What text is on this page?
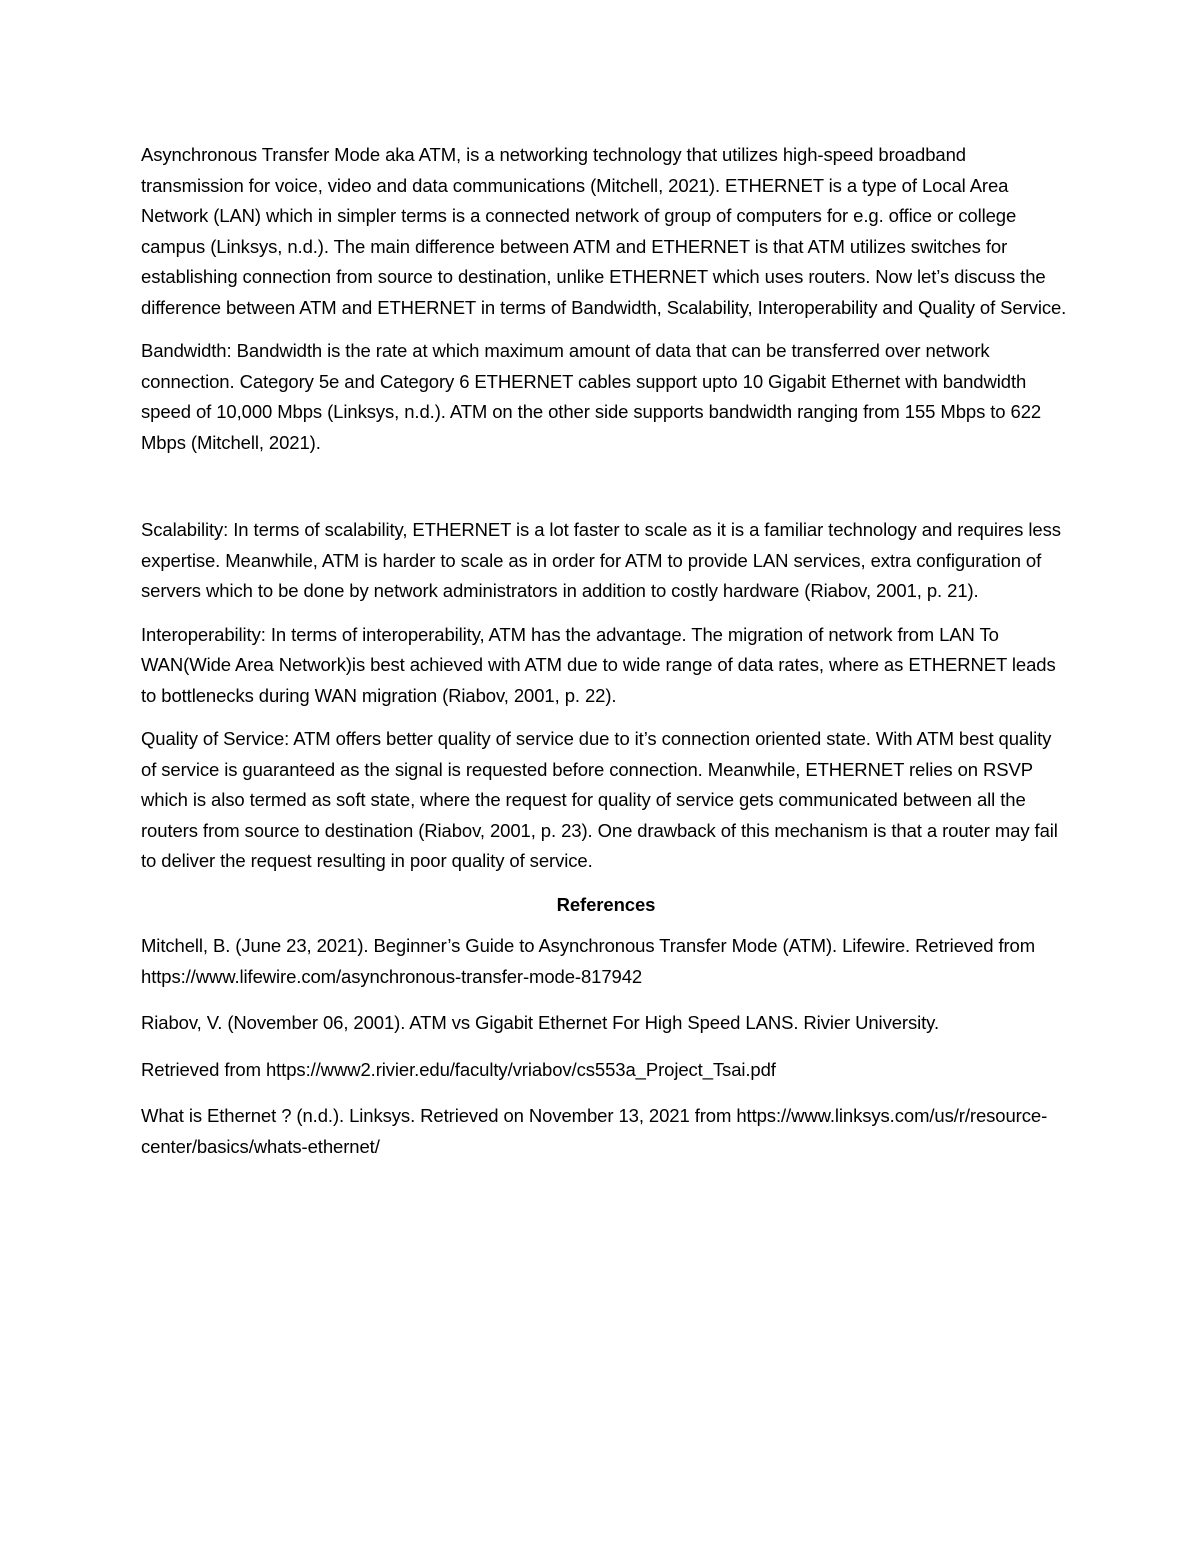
Asynchronous Transfer Mode aka ATM, is a networking technology that utilizes high-speed broadband transmission for voice, video and data communications (Mitchell, 2021). ETHERNET is a type of Local Area Network (LAN) which in simpler terms is a connected network of group of computers for e.g. office or college campus (Linksys, n.d.). The main difference between ATM and ETHERNET is that ATM utilizes switches for establishing connection from source to destination, unlike ETHERNET which uses routers. Now let’s discuss the difference between ATM and ETHERNET in terms of Bandwidth, Scalability, Interoperability and Quality of Service.

Bandwidth: Bandwidth is the rate at which maximum amount of data that can be transferred over network connection. Category 5e and Category 6 ETHERNET cables support upto 10 Gigabit Ethernet with bandwidth speed of 10,000 Mbps (Linksys, n.d.). ATM on the other side supports bandwidth ranging from 155 Mbps to 622 Mbps (Mitchell, 2021).

Scalability: In terms of scalability, ETHERNET is a lot faster to scale as it is a familiar technology and requires less expertise. Meanwhile, ATM is harder to scale as in order for ATM to provide LAN services, extra configuration of servers which to be done by network administrators in addition to costly hardware (Riabov, 2001, p. 21).

Interoperability: In terms of interoperability, ATM has the advantage. The migration of network from LAN To WAN(Wide Area Network)is best achieved with ATM due to wide range of data rates, where as ETHERNET leads to bottlenecks during WAN migration (Riabov, 2001, p. 22).

Quality of Service: ATM offers better quality of service due to it’s connection oriented state. With ATM best quality of service is guaranteed as the signal is requested before connection. Meanwhile, ETHERNET relies on RSVP which is also termed as soft state, where the request for quality of service gets communicated between all the routers from source to destination (Riabov, 2001, p. 23). One drawback of this mechanism is that a router may fail to deliver the request resulting in poor quality of service.

References

Mitchell, B. (June 23, 2021). Beginner’s Guide to Asynchronous Transfer Mode (ATM). Lifewire. Retrieved from https://www.lifewire.com/asynchronous-transfer-mode-817942

Riabov, V. (November 06, 2001). ATM vs Gigabit Ethernet For High Speed LANS. Rivier University.

Retrieved from https://www2.rivier.edu/faculty/vriabov/cs553a_Project_Tsai.pdf

What is Ethernet ? (n.d.). Linksys. Retrieved on November 13, 2021 from https://www.linksys.com/us/r/resource-center/basics/whats-ethernet/
